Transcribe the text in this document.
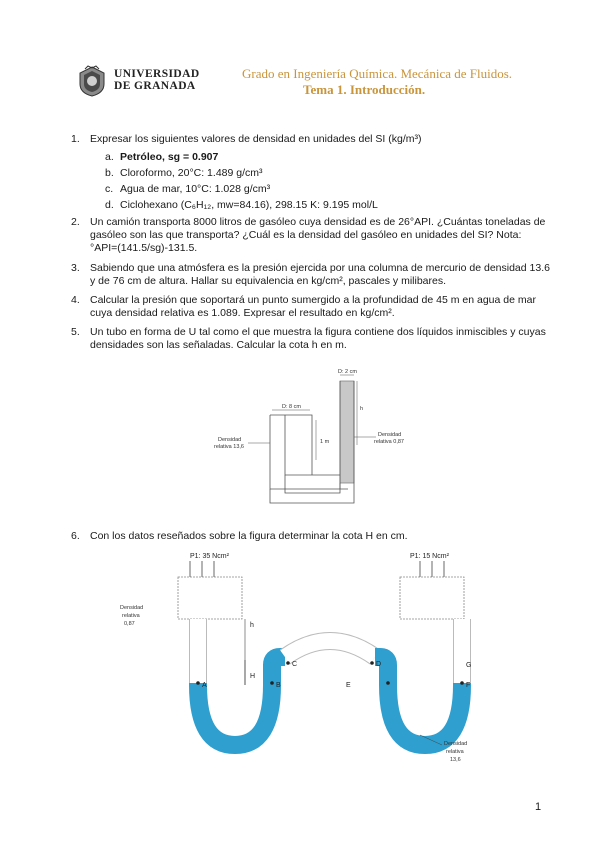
UNIVERSIDAD
DE GRANADA
Grado en Ingeniería Química. Mecánica de Fluidos.
Tema 1. Introducción.
1. Expresar los siguientes valores de densidad en unidades del SI (kg/m³)
a. Petróleo, sg = 0.907
b. Cloroformo, 20°C: 1.489 g/cm³
c. Agua de mar, 10°C: 1.028 g/cm³
d. Ciclohexano (C₆H₁₂, mw=84.16), 298.15 K: 9.195 mol/L
2. Un camión transporta 8000 litros de gasóleo cuya densidad es de 26°API. ¿Cuántas toneladas de
gasóleo son las que transporta? ¿Cuál es la densidad del gasóleo en unidades del SI? Nota:
°API=(141.5/sg)-131.5.
3. Sabiendo que una atmósfera es la presión ejercida por una columna de mercurio de densidad 13.6
y de 76 cm de altura. Hallar su equivalencia en kg/cm², pascales y milibares.
4. Calcular la presión que soportará un punto sumergido a la profundidad de 45 m en agua de mar
cuya densidad relativa es 1.089. Expresar el resultado en kg/cm².
5. Un tubo en forma de U tal como el que muestra la figura contiene dos líquidos inmiscibles y cuyas
densidades son las señaladas. Calcular la cota h en m.
D: 2 cm
D: 8 cm	h
1 m
Densidad
relativa 13,6
Densidad
relativa 0,87
6. Con los datos reseñados sobre la figura determinar la cota H en cm.
P1: 35 Ncm²	P1: 15 Ncm²
h
H
A	B
C	D
E	F
G
Densidad
relativa
0,87
Densidad
relativa
13,6
1
